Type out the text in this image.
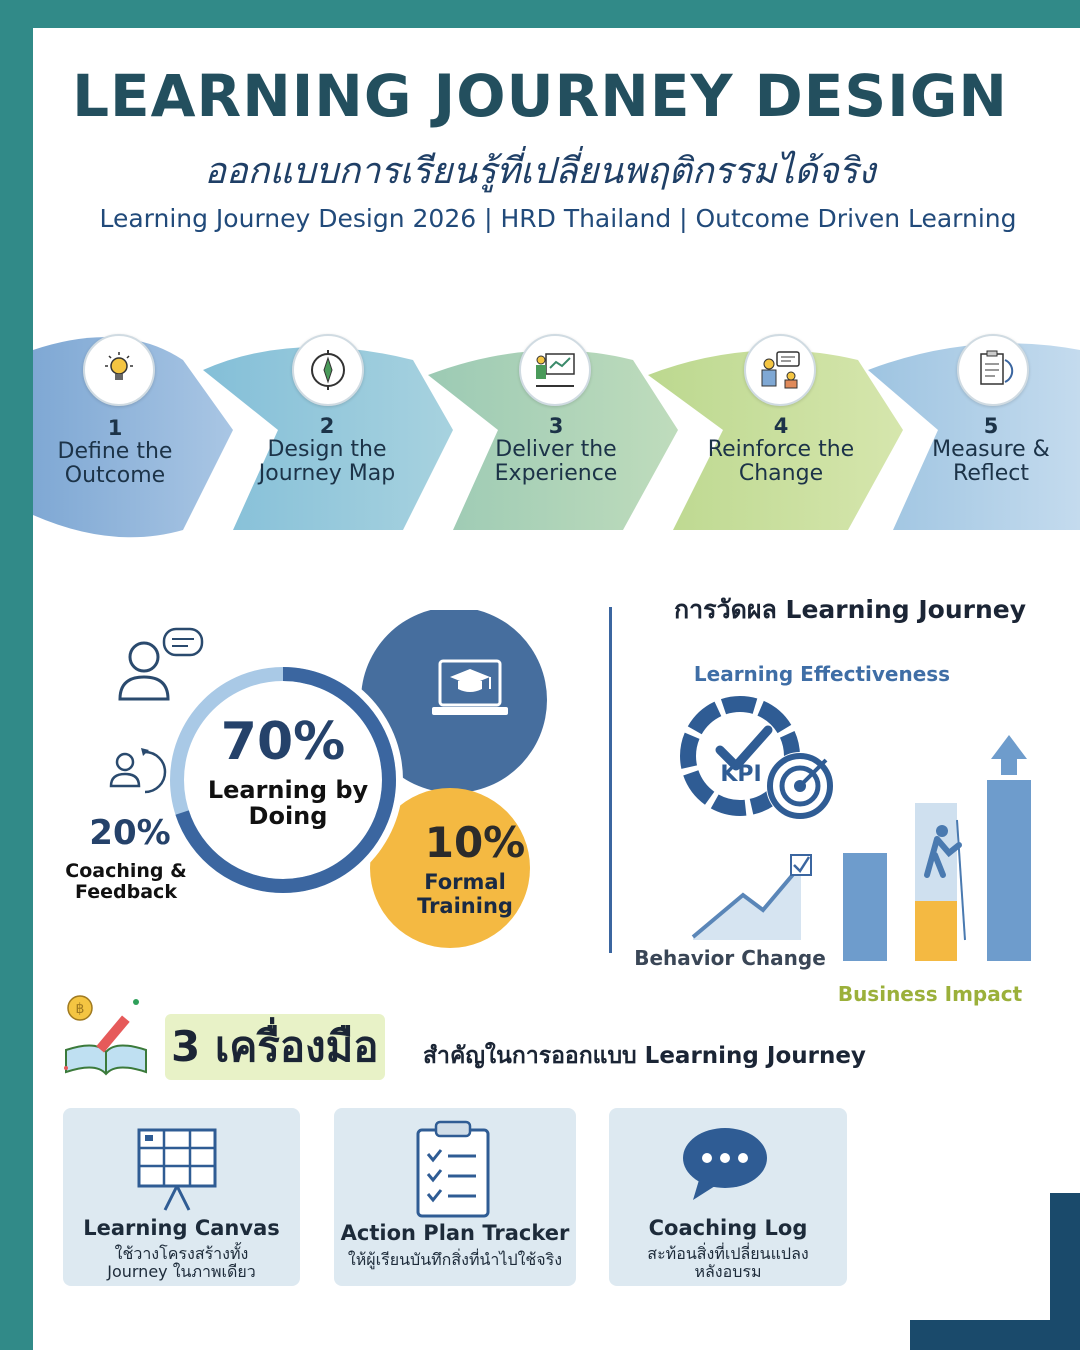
LEARNING JOURNEY DESIGN
ออกแบบการเรียนรู้ที่เปลี่ยนพฤติกรรมได้จริง
Learning Journey Design 2026 | HRD Thailand | Outcome Driven Learning
1
Define the
Outcome
2
Design the
Journey Map
3
Deliver the
Experience
4
Reinforce the
Change
5
Measure &
Reflect
70%
Learning by
Doing
20%
Coaching &
Feedback
10%
Formal
Training
การวัดผล Learning Journey
Learning Effectiveness
KPI
Behavior Change
Business Impact
฿
3 เครื่องมือ สำคัญในการออกแบบ Learning Journey
Learning Canvas
ใช้วางโครงสร้างทั้ง
Journey ในภาพเดียว
Action Plan Tracker
ให้ผู้เรียนบันทึกสิ่งที่นำไปใช้จริง
Coaching Log
สะท้อนสิ่งที่เปลี่ยนแปลง
หลังอบรม
